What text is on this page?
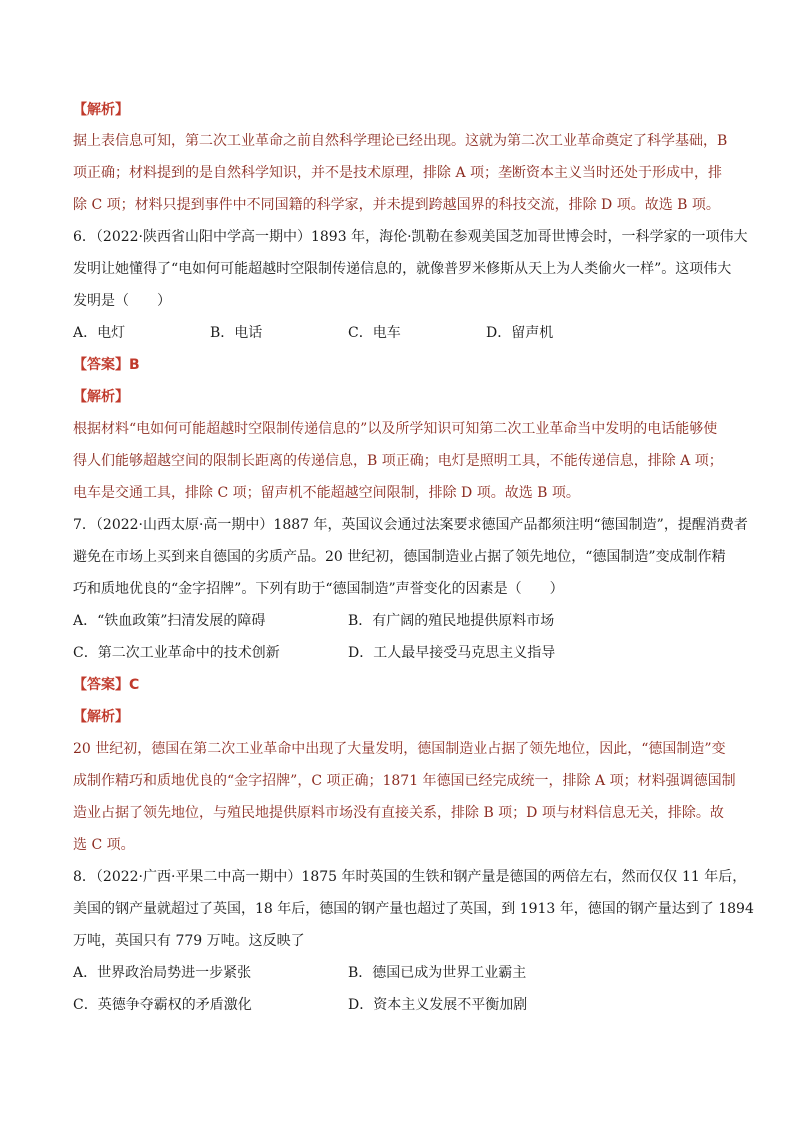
【解析】
据上表信息可知，第二次工业革命之前自然科学理论已经出现。这就为第二次工业革命奠定了科学基础，B
项正确；材料提到的是自然科学知识，并不是技术原理，排除 A 项；垄断资本主义当时还处于形成中，排
除 C 项；材料只提到事件中不同国籍的科学家，并未提到跨越国界的科技交流，排除 D 项。故选 B 项。
6．（2022·陕西省山阳中学高一期中）1893 年，海伦·凯勒在参观美国芝加哥世博会时，一科学家的一项伟大
发明让她懂得了“电如何可能超越时空限制传递信息的，就像普罗米修斯从天上为人类偷火一样”。这项伟大
发明是（　　）
A．电灯	B．电话	C．电车	D．留声机
【答案】B
【解析】
根据材料“电如何可能超越时空限制传递信息的”以及所学知识可知第二次工业革命当中发明的电话能够使
得人们能够超越空间的限制长距离的传递信息，B 项正确；电灯是照明工具，不能传递信息，排除 A 项；
电车是交通工具，排除 C 项；留声机不能超越空间限制，排除 D 项。故选 B 项。
7．（2022·山西太原·高一期中）1887 年，英国议会通过法案要求德国产品都须注明“德国制造”，提醒消费者
避免在市场上买到来自德国的劣质产品。20 世纪初，德国制造业占据了领先地位，“德国制造”变成制作精
巧和质地优良的“金字招牌”。下列有助于“德国制造”声誉变化的因素是（　　）
A．“铁血政策”扫清发展的障碍	B．有广阔的殖民地提供原料市场
C．第二次工业革命中的技术创新	D．工人最早接受马克思主义指导
【答案】C
【解析】
20 世纪初，德国在第二次工业革命中出现了大量发明，德国制造业占据了领先地位，因此，“德国制造”变
成制作精巧和质地优良的“金字招牌”，C 项正确；1871 年德国已经完成统一，排除 A 项；材料强调德国制
造业占据了领先地位，与殖民地提供原料市场没有直接关系，排除 B 项；D 项与材料信息无关，排除。故
选 C 项。
8．（2022·广西·平果二中高一期中）1875 年时英国的生铁和钢产量是德国的两倍左右，然而仅仅 11 年后，
美国的钢产量就超过了英国，18 年后，德国的钢产量也超过了英国，到 1913 年，德国的钢产量达到了 1894
万吨，英国只有 779 万吨。这反映了
A．世界政治局势进一步紧张	B．德国已成为世界工业霸主
C．英德争夺霸权的矛盾激化	D．资本主义发展不平衡加剧
